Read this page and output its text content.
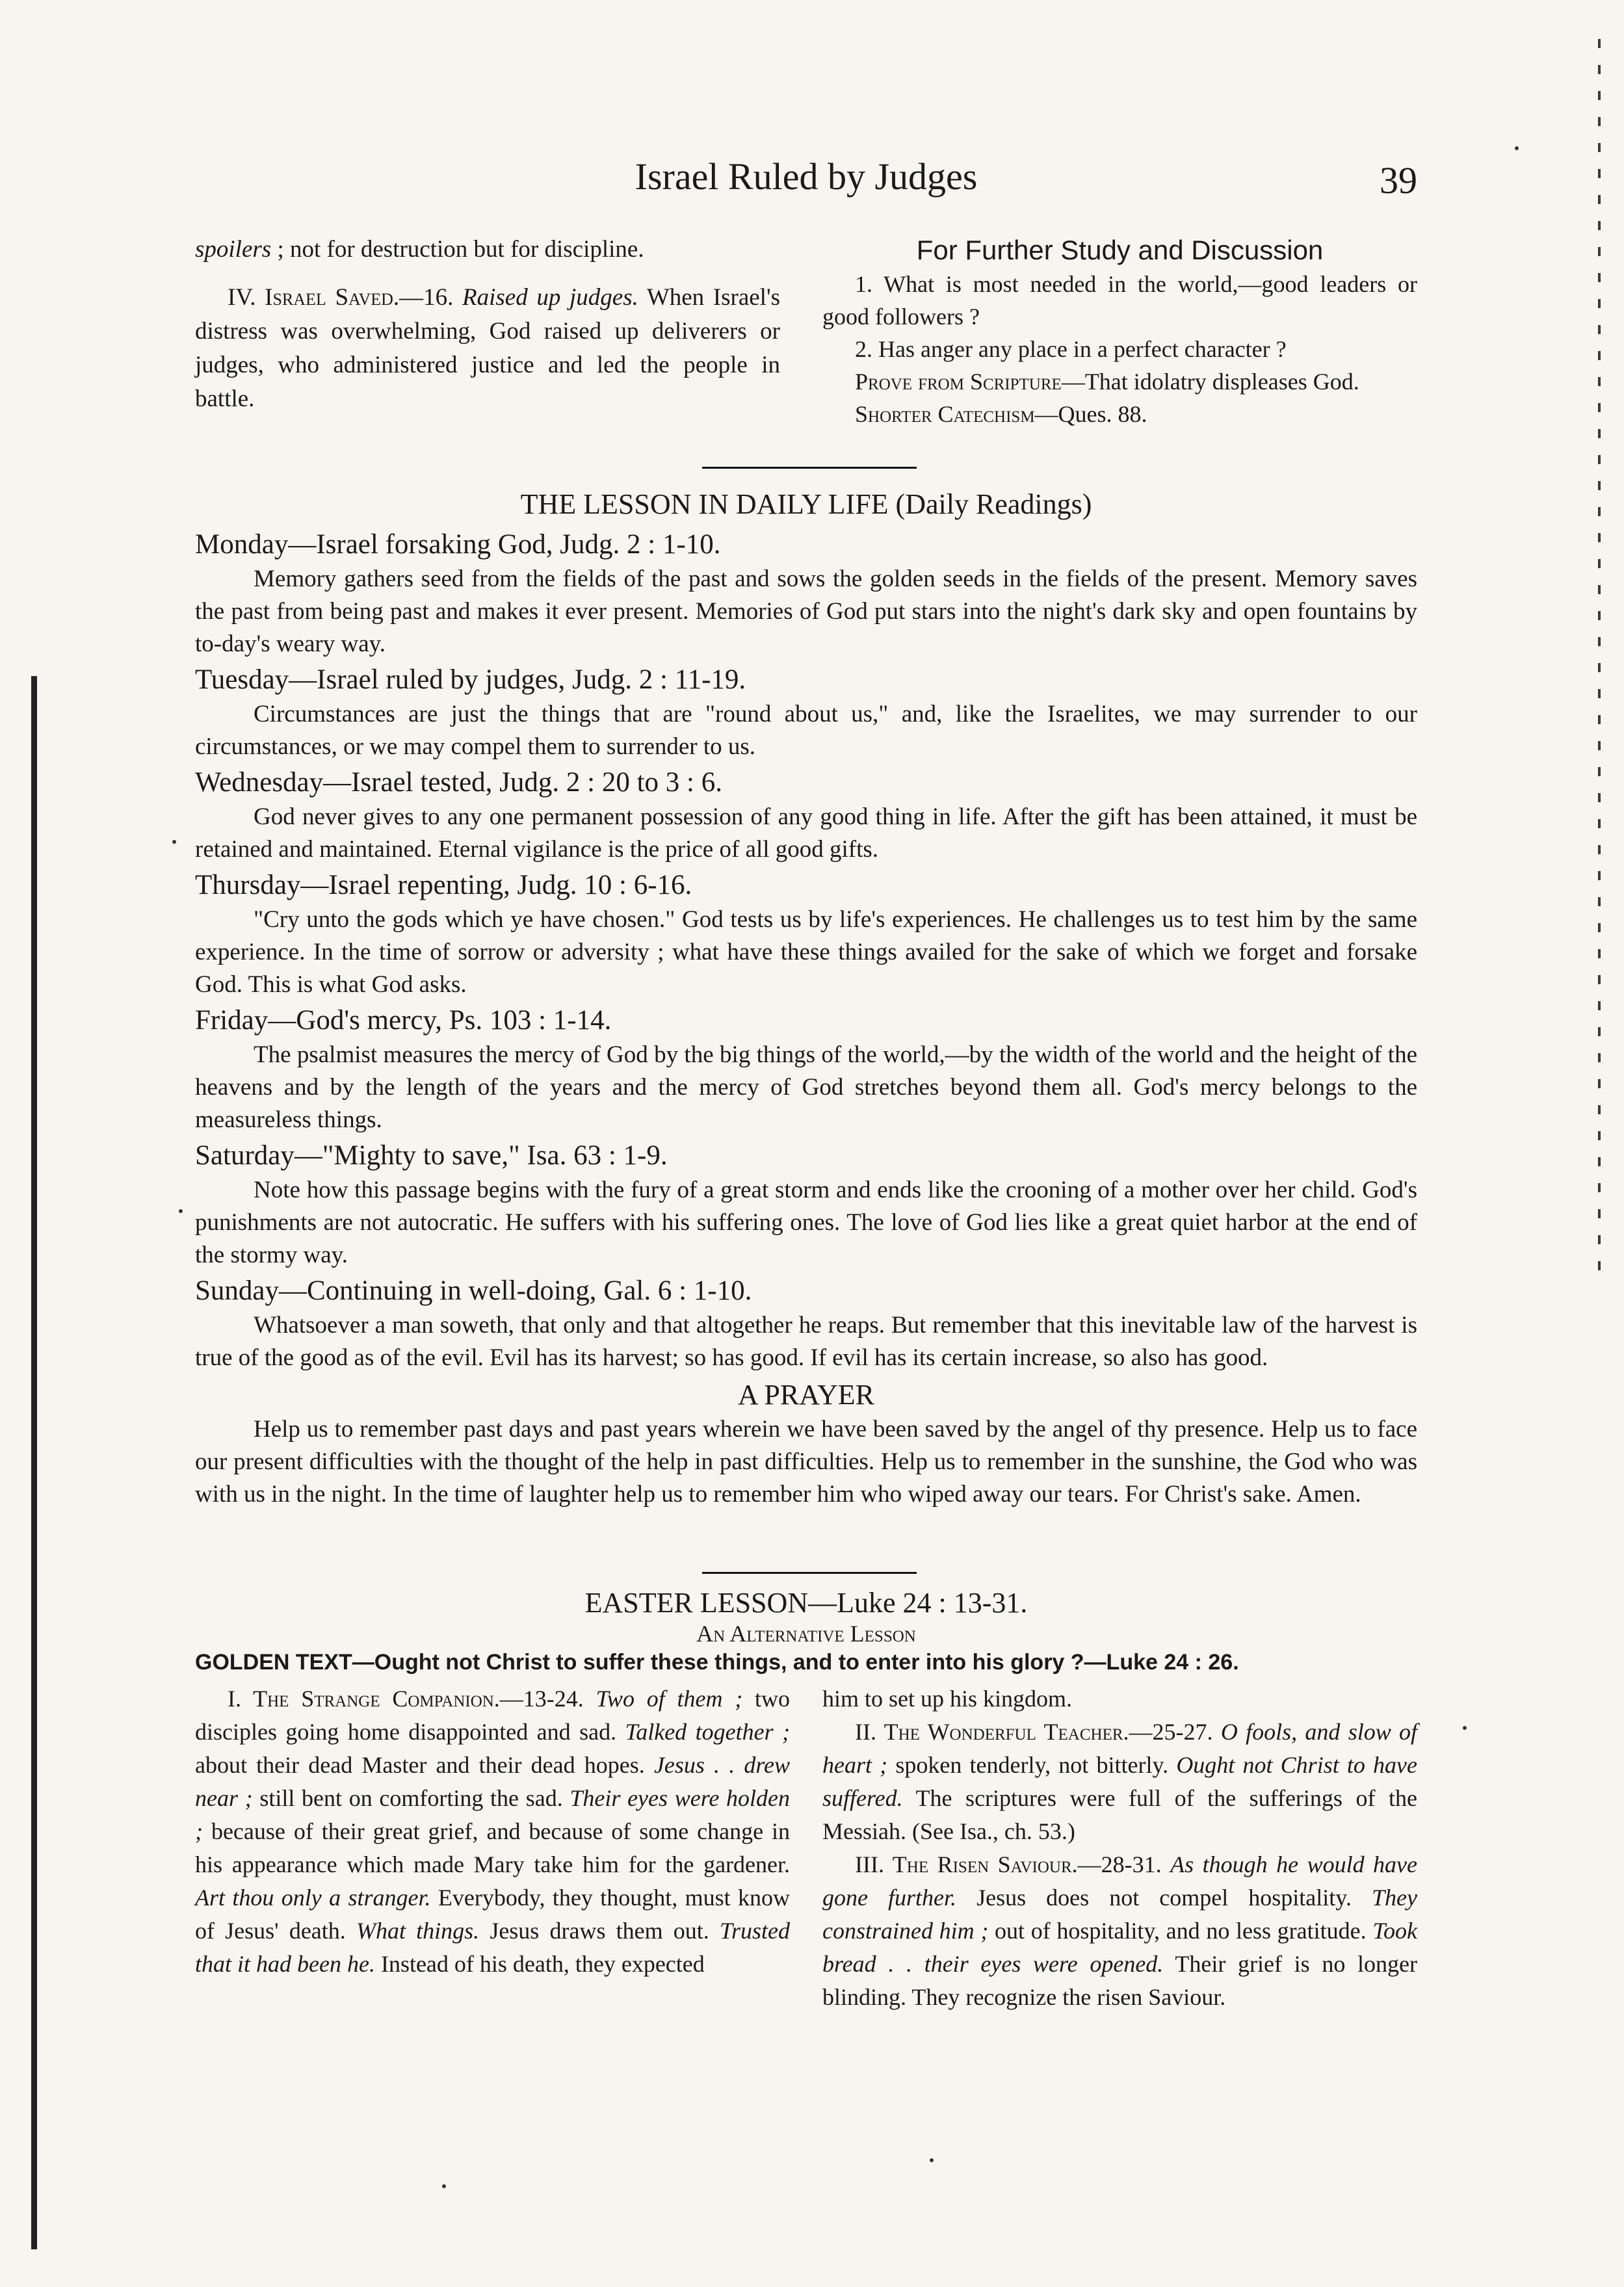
Israel Ruled by Judges	39

spoilers ; not for destruction but for discipline.

IV. Israel Saved.—16. Raised up judges. When Israel's distress was overwhelming, God raised up deliverers or judges, who administered justice and led the people in battle.

For Further Study and Discussion

1. What is most needed in the world,—good leaders or good followers ?

2. Has anger any place in a perfect character ?

Prove from Scripture—That idolatry displeases God.

Shorter Catechism—Ques. 88.

THE LESSON IN DAILY LIFE (Daily Readings)
Monday—Israel forsaking God, Judg. 2 : 1-10.

Memory gathers seed from the fields of the past and sows the golden seeds in the fields of the present. Memory saves the past from being past and makes it ever present. Memories of God put stars into the night's dark sky and open fountains by to-day's weary way.

Tuesday—Israel ruled by judges, Judg. 2 : 11-19.

Circumstances are just the things that are "round about us," and, like the Israelites, we may surrender to our circumstances, or we may compel them to surrender to us.

Wednesday—Israel tested, Judg. 2 : 20 to 3 : 6.

God never gives to any one permanent possession of any good thing in life. After the gift has been attained, it must be retained and maintained. Eternal vigilance is the price of all good gifts.

Thursday—Israel repenting, Judg. 10 : 6-16.

"Cry unto the gods which ye have chosen." God tests us by life's experiences. He challenges us to test him by the same experience. In the time of sorrow or adversity ; what have these things availed for the sake of which we forget and forsake God. This is what God asks.

Friday—God's mercy, Ps. 103 : 1-14.

The psalmist measures the mercy of God by the big things of the world,—by the width of the world and the height of the heavens and by the length of the years and the mercy of God stretches beyond them all. God's mercy belongs to the measureless things.

Saturday—"Mighty to save," Isa. 63 : 1-9.

Note how this passage begins with the fury of a great storm and ends like the crooning of a mother over her child. God's punishments are not autocratic. He suffers with his suffering ones. The love of God lies like a great quiet harbor at the end of the stormy way.

Sunday—Continuing in well-doing, Gal. 6 : 1-10.

Whatsoever a man soweth, that only and that altogether he reaps. But remember that this inevitable law of the harvest is true of the good as of the evil. Evil has its harvest; so has good. If evil has its certain increase, so also has good.

A PRAYER

Help us to remember past days and past years wherein we have been saved by the angel of thy presence. Help us to face our present difficulties with the thought of the help in past difficulties. Help us to remember in the sunshine, the God who was with us in the night. In the time of laughter help us to remember him who wiped away our tears. For Christ's sake. Amen.

EASTER LESSON—Luke 24 : 13-31.
An Alternative Lesson
GOLDEN TEXT—Ought not Christ to suffer these things, and to enter into his glory ?—Luke 24 : 26.

I. The Strange Companion.—13-24. Two of them ; two disciples going home disappointed and sad. Talked together ; about their dead Master and their dead hopes. Jesus . . drew near ; still bent on comforting the sad. Their eyes were holden ; because of their great grief, and because of some change in his appearance which made Mary take him for the gardener. Art thou only a stranger. Everybody, they thought, must know of Jesus' death. What things. Jesus draws them out. Trusted that it had been he. Instead of his death, they expected

him to set up his kingdom.

II. The Wonderful Teacher.—25-27. O fools, and slow of heart ; spoken tenderly, not bitterly. Ought not Christ to have suffered. The scriptures were full of the sufferings of the Messiah. (See Isa., ch. 53.)

III. The Risen Saviour.—28-31. As though he would have gone further. Jesus does not compel hospitality. They constrained him ; out of hospitality, and no less gratitude. Took bread . . their eyes were opened. Their grief is no longer blinding. They recognize the risen Saviour.
